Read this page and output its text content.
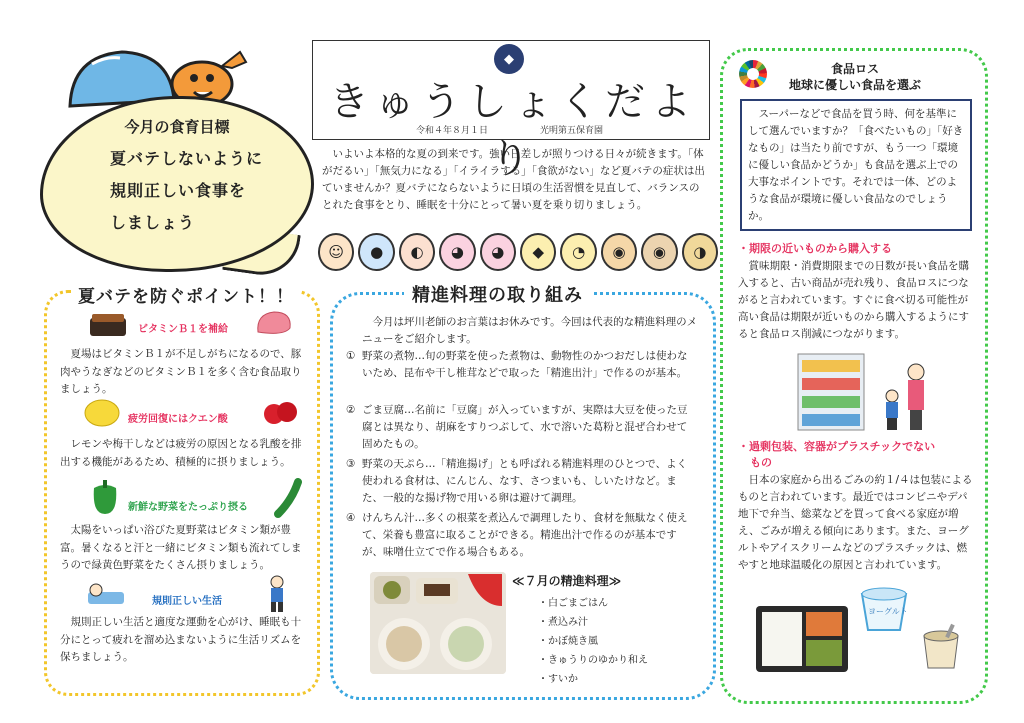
今月の食育目標
夏バテしないように
規則正しい食事を
しましょう
◆
きゅうしょくだより
令和４年８月１日	光明第五保育園
いよいよ本格的な夏の到来です。強い日差しが照りつける日々が続きます。「体がだるい」「無気力になる」「イライラする」「食欲がない」など夏バテの症状は出ていませんか？夏バテにならないように日頃の生活習慣を見直して、バランスのとれた食事をとり、睡眠を十分にとって暑い夏を乗り切りましょう。
☺	●	◐	◕	◕	◆	◔	◉	◉	◑
夏バテを防ぐポイント！！
ビタミンＢ１を補給
夏場はビタミンＢ１が不足しがちになるので、豚肉やうなぎなどのビタミンＢ１を多く含む食品取りましょう。
疲労回復にはクエン酸
レモンや梅干しなどは疲労の原因となる乳酸を排出する機能があるため、積極的に摂りましょう。
新鮮な野菜をたっぷり摂る
太陽をいっぱい浴びた夏野菜はビタミン類が豊富。暑くなると汗と一緒にビタミン類も流れてしまうので緑黄色野菜をたくさん摂りましょう。
規則正しい生活
規則正しい生活と適度な運動を心がけ、睡眠も十分にとって疲れを溜め込まないように生活リズムを保ちましょう。
精進料理の取り組み
今月は坪川老師のお言葉はお休みです。今回は代表的な精進料理のメニューをご紹介します。
① 野菜の煮物…旬の野菜を使った煮物は、動物性のかつおだしは使わないため、昆布や干し椎茸などで取った「精進出汁」で作るのが基本。
② ごま豆腐…名前に「豆腐」が入っていますが、実際は大豆を使った豆腐とは異なり、胡麻をすりつぶして、水で溶いた葛粉と混ぜ合わせて固めたもの。
③ 野菜の天ぷら…「精進揚げ」とも呼ばれる精進料理のひとつで、よく使われる食材は、にんじん、なす、さつまいも、しいたけなど。また、一般的な揚げ物で用いる卵は避けて調理。
④ けんちん汁…多くの根菜を煮込んで調理したり、食材を無駄なく使えて、栄養も豊富に取ることができる。精進出汁で作るのが基本ですが、味噌仕立てで作る場合もある。
≪７月の精進料理≫
・白ごまごはん
・煮込み汁
・かぼ焼き風
・きゅうりのゆかり和え
・すいか
食品ロス
地球に優しい食品を選ぶ
スーパーなどで食品を買う時、何を基準にして選んでいますか？「食べたいもの」「好きなもの」は当たり前ですが、もう一つ「環境に優しい食品かどうか」も食品を選ぶ上での大事なポイントです。それでは一体、どのような食品が環境に優しい食品なのでしょうか。
・期限の近いものから購入する
賞味期限・消費期限までの日数が長い食品を購入すると、古い商品が売れ残り、食品ロスにつながると言われています。すぐに食べ切る可能性が高い食品は期限が近いものから購入するようにすると食品ロス削減につながります。
・過剰包装、容器がプラスチックでない
もの
日本の家庭から出るごみの約１/４は包装によるものと言われています。最近ではコンビニやデパ地下で弁当、総菜などを買って食べる家庭が増え、ごみが増える傾向にあります。また、ヨーグルトやアイスクリームなどのプラスチックは、燃やすと地球温暖化の原因と言われています。
ヨーグルト
